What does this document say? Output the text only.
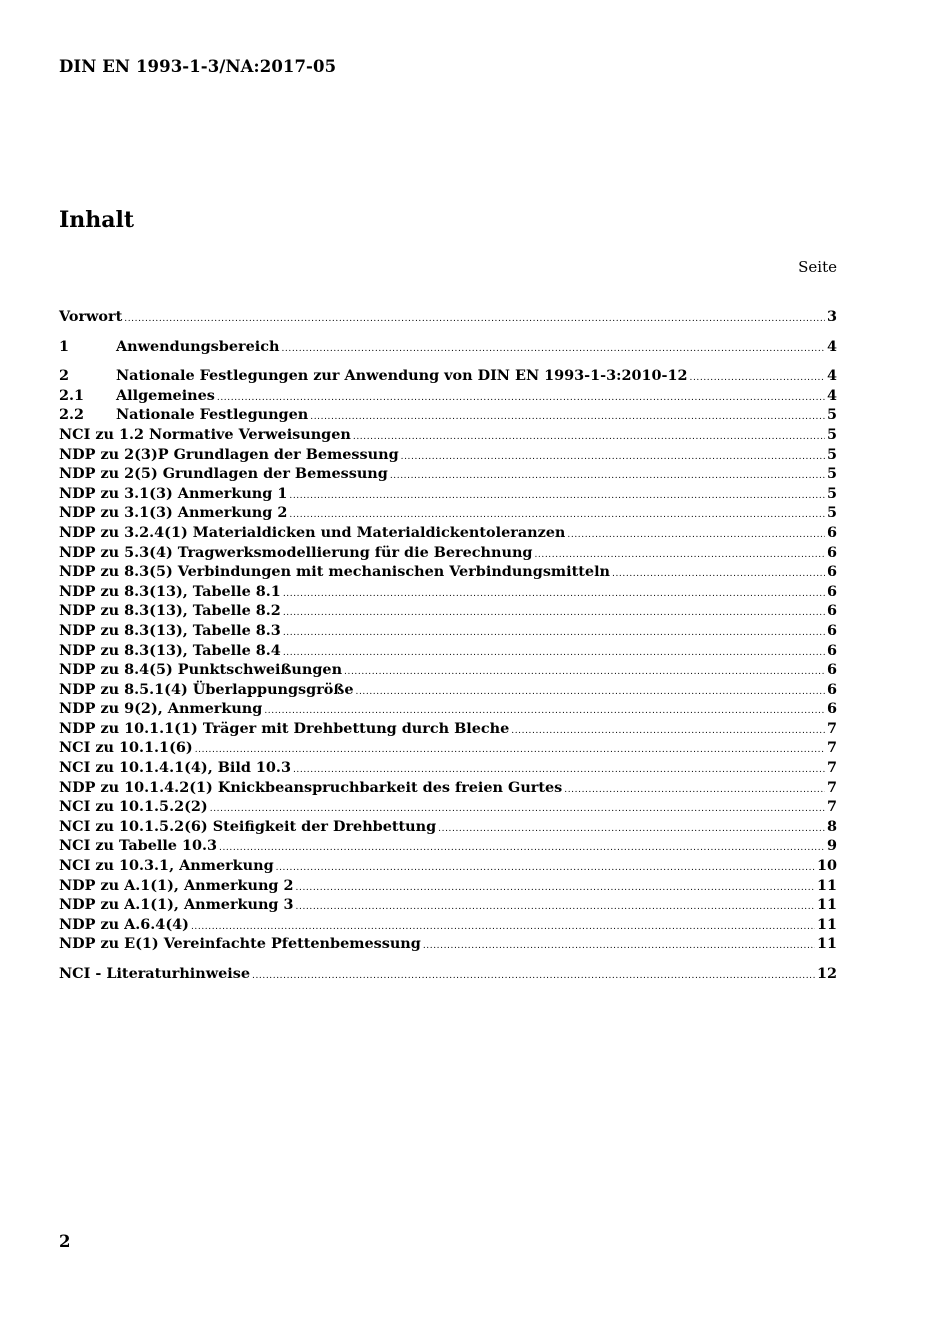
DIN EN 1993-1-3/NA:2017-05
Inhalt
Seite
Vorwort .....	3
1	Anwendungsbereich .....	4
2	Nationale Festlegungen zur Anwendung von DIN EN 1993-1-3:2010-12 .....	4
2.1	Allgemeines .....	4
2.2	Nationale Festlegungen .....	5
NCI zu 1.2 Normative Verweisungen .....	5
NDP zu 2(3)P Grundlagen der Bemessung .....	5
NDP zu 2(5) Grundlagen der Bemessung .....	5
NDP zu 3.1(3) Anmerkung 1 .....	5
NDP zu 3.1(3) Anmerkung 2 .....	5
NDP zu 3.2.4(1) Materialdicken und Materialdickentoleranzen .....	6
NDP zu 5.3(4) Tragwerksmodellierung für die Berechnung .....	6
NDP zu 8.3(5) Verbindungen mit mechanischen Verbindungsmitteln .....	6
NDP zu 8.3(13), Tabelle 8.1 .....	6
NDP zu 8.3(13), Tabelle 8.2 .....	6
NDP zu 8.3(13), Tabelle 8.3 .....	6
NDP zu 8.3(13), Tabelle 8.4 .....	6
NDP zu 8.4(5) Punktschweißungen .....	6
NDP zu 8.5.1(4) Überlappungsgröße .....	6
NDP zu 9(2), Anmerkung .....	6
NDP zu 10.1.1(1) Träger mit Drehbettung durch Bleche .....	7
NCI zu 10.1.1(6) .....	7
NCI zu 10.1.4.1(4), Bild 10.3 .....	7
NDP zu 10.1.4.2(1) Knickbeanspruchbarkeit des freien Gurtes .....	7
NCI zu 10.1.5.2(2) .....	7
NCI zu 10.1.5.2(6) Steifigkeit der Drehbettung .....	8
NCI zu Tabelle 10.3 .....	9
NCI zu 10.3.1, Anmerkung .....	10
NDP zu A.1(1), Anmerkung 2 .....	11
NDP zu A.1(1), Anmerkung 3 .....	11
NDP zu A.6.4(4) .....	11
NDP zu E(1) Vereinfachte Pfettenbemessung .....	11
NCI - Literaturhinweise .....	12
2
